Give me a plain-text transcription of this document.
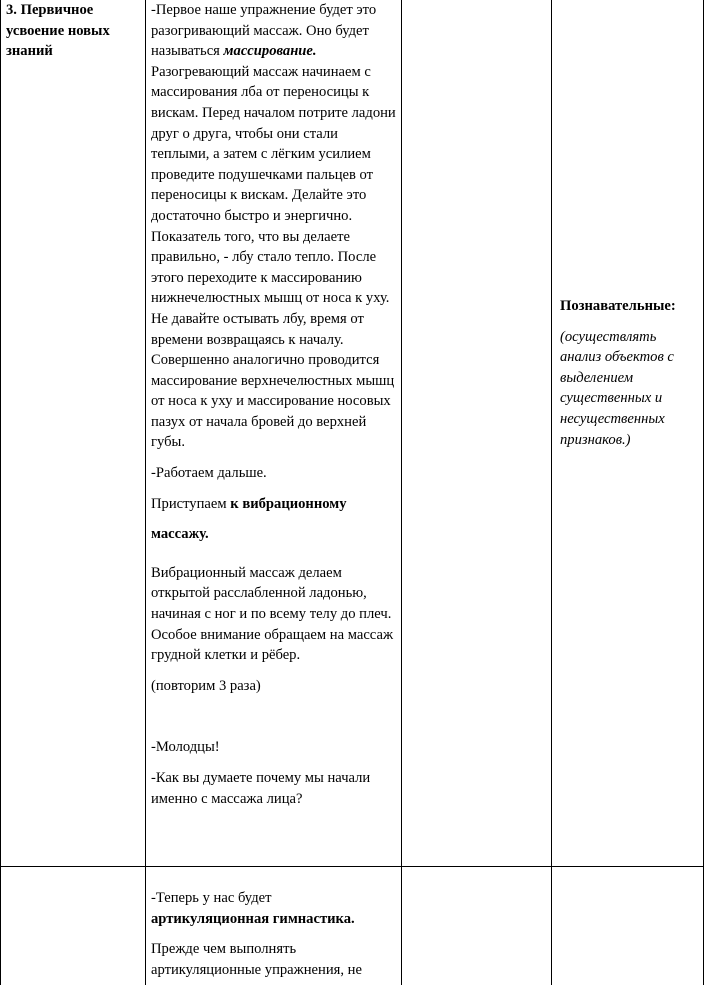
3. Первичное усвоение новых знаний

-Первое наше упражнение будет это разогривающий массаж. Оно будет называться массирование. Разогревающий массаж начинаем с массирования лба от переносицы к вискам. Перед началом потрите ладони друг о друга, чтобы они стали теплыми, а затем с лёгким усилием проведите подушечками пальцев от переносицы к вискам. Делайте это достаточно быстро и энергично. Показатель того, что вы делаете правильно, - лбу стало тепло. После этого переходите к массированию нижнечелюстных мышц от носа к уху. Не давайте остывать лбу, время от времени возвращаясь к началу. Совершенно аналогично проводится массирование верхнечелюстных мышц от носа к уху и массирование носовых пазух от начала бровей до верхней губы.

-Работаем дальше.

Приступаем к вибрационному

массажу.

Вибрационный массаж делаем открытой расслабленной ладонью, начиная с ног и по всему телу до плеч. Особое внимание обращаем на массаж грудной клетки и рёбер.

(повторим 3 раза)

-Молодцы!

-Как вы думаете почему мы начали именно с массажа лица?

Познавательные:

(осуществлять анализ объектов с выделением существенных и несущественных признаков.)

-Теперь у нас будет

артикуляционная гимнастика.

Прежде чем выполнять артикуляционные упражнения, не
